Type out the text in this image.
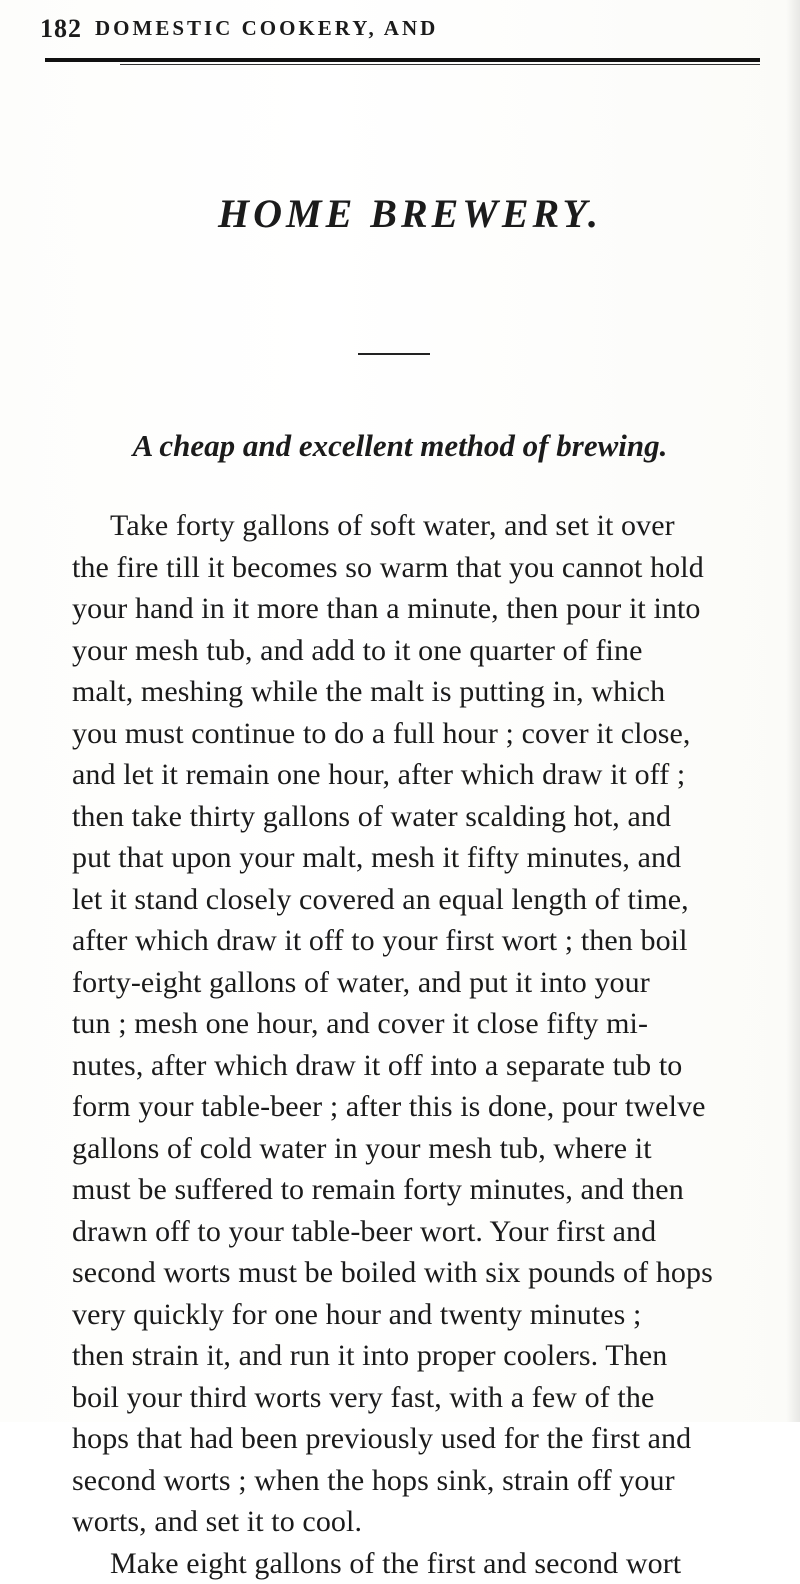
182 DOMESTIC COOKERY, AND
HOME BREWERY.
A cheap and excellent method of brewing.
Take forty gallons of soft water, and set it over
the fire till it becomes so warm that you cannot hold
your hand in it more than a minute, then pour it into
your mesh tub, and add to it one quarter of fine
malt, meshing while the malt is putting in, which
you must continue to do a full hour ; cover it close,
and let it remain one hour, after which draw it off ;
then take thirty gallons of water scalding hot, and
put that upon your malt, mesh it fifty minutes, and
let it stand closely covered an equal length of time,
after which draw it off to your first wort ; then boil
forty-eight gallons of water, and put it into your
tun ; mesh one hour, and cover it close fifty mi-
nutes, after which draw it off into a separate tub to
form your table-beer ; after this is done, pour twelve
gallons of cold water in your mesh tub, where it
must be suffered to remain forty minutes, and then
drawn off to your table-beer wort. Your first and
second worts must be boiled with six pounds of hops
very quickly for one hour and twenty minutes ;
then strain it, and run it into proper coolers. Then
boil your third worts very fast, with a few of the
hops that had been previously used for the first and
second worts ; when the hops sink, strain off your
worts, and set it to cool.
Make eight gallons of the first and second wort
